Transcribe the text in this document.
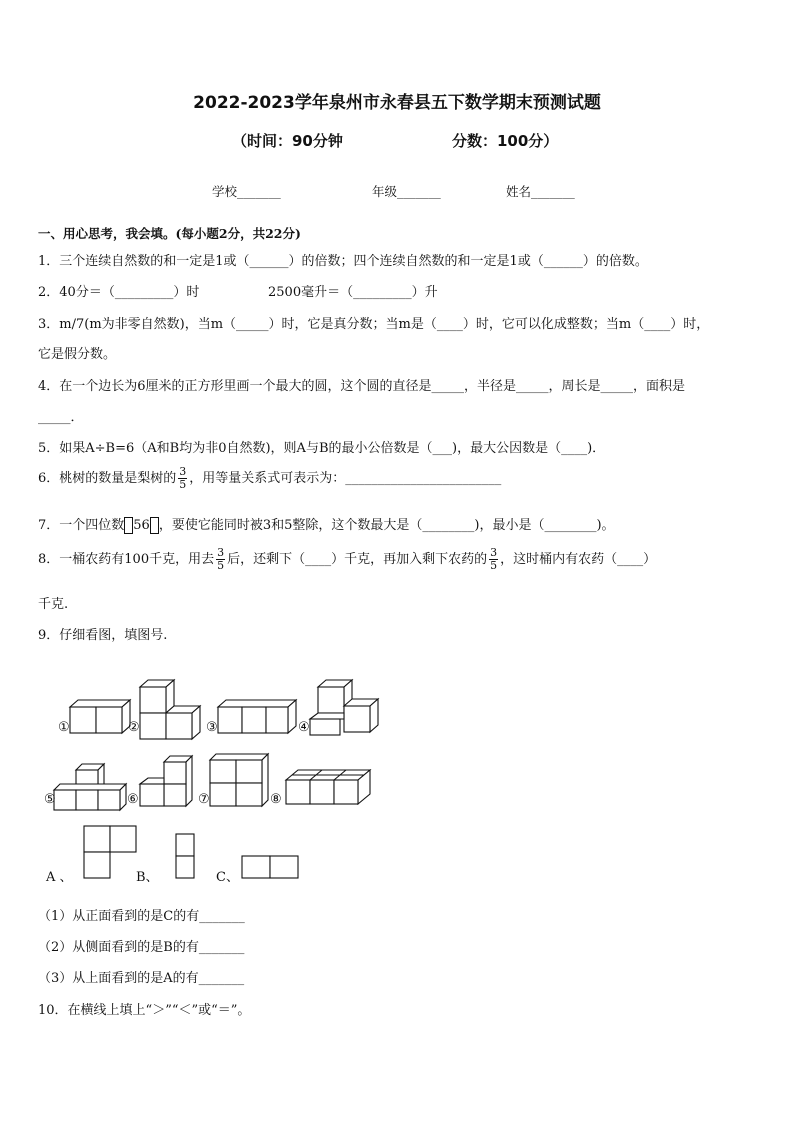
2022-2023学年泉州市永春县五下数学期末预测试题
（时间：90分钟	分数：100分）
学校_______	年级_______	姓名_______
一、用心思考，我会填。(每小题2分，共22分)
1．三个连续自然数的和一定是1或（______）的倍数；四个连续自然数的和一定是1或（______）的倍数。
2．40分＝（_________）时	2500毫升＝（_________）升
3．m/7(m为非零自然数)，当m（_____）时，它是真分数；当m是（____）时，它可以化成整数；当m（____）时，
它是假分数。
4．在一个边长为6厘米的正方形里画一个最大的圆，这个圆的直径是_____，半径是_____，周长是_____，面积是
_____．
5．如果A÷B=6（A和B均为非0自然数)，则A与B的最小公倍数是（___)，最大公因数是（____)．
6．桃树的数量是梨树的 $\frac{3}{5}$ ，用等量关系式可表示为：________________________
7．一个四位数 56 ，要使它能同时被3和5整除，这个数最大是（________)，最小是（________)。
8．一桶农药有100千克，用去 $\frac{3}{5}$ 后，还剩下（____）千克，再加入剩下农药的 $\frac{3}{5}$ ，这时桶内有农药（____）
千克.
9．仔细看图，填图号.
①	②	③	④
⑤	⑥	⑦	⑧
A 、	B、	C、
（1）从正面看到的是C的有_______
（2）从侧面看到的是B的有_______
（3）从上面看到的是A的有_______
10．在横线上填上“＞”“＜”或“＝”。
